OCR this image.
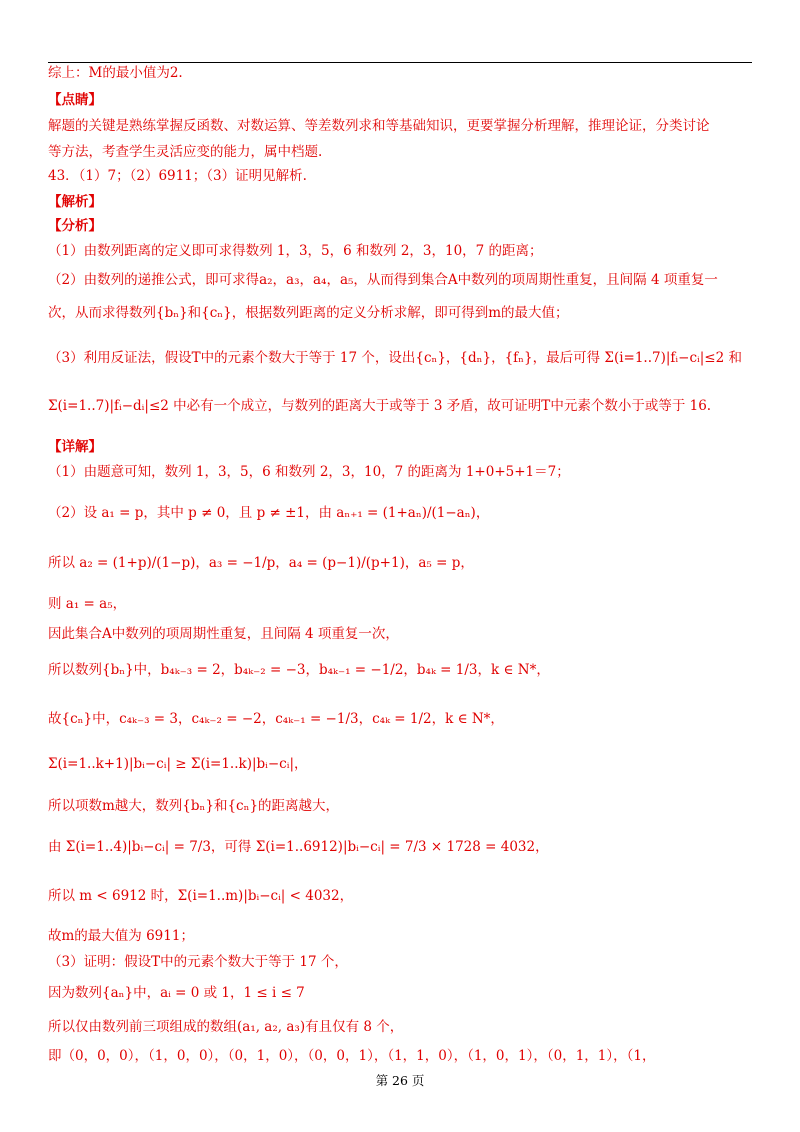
综上：M的最小值为2.
【点睛】
解题的关键是熟练掌握反函数、对数运算、等差数列求和等基础知识，更要掌握分析理解，推理论证，分类讨论
等方法，考查学生灵活应变的能力，属中档题.
43．（1）7；（2）6911；（3）证明见解析.
【解析】
【分析】
（1）由数列距离的定义即可求得数列 1，3，5，6 和数列 2，3，10，7 的距离；
（2）由数列的递推公式，即可求得a₂，a₃，a₄，a₅，从而得到集合A中数列的项周期性重复，且间隔 4 项重复一
次，从而求得数列{bₙ}和{cₙ}，根据数列距离的定义分析求解，即可得到m的最大值；
（3）利用反证法，假设T中的元素个数大于等于 17 个，设出{cₙ}，{dₙ}，{fₙ}，最后可得 Σ(i=1..7)|fᵢ−cᵢ|≤2 和
Σ(i=1..7)|fᵢ−dᵢ|≤2 中必有一个成立，与数列的距离大于或等于 3 矛盾，故可证明T中元素个数小于或等于 16.
【详解】
（1）由题意可知，数列 1，3，5，6 和数列 2，3，10，7 的距离为 1+0+5+1＝7；
（2）设 a₁ = p，其中 p ≠ 0，且 p ≠ ±1，由 aₙ₊₁ = (1+aₙ)/(1−aₙ)，
所以 a₂ = (1+p)/(1−p)，a₃ = −1/p，a₄ = (p−1)/(p+1)，a₅ = p，
则 a₁ = a₅，
因此集合A中数列的项周期性重复，且间隔 4 项重复一次，
所以数列{bₙ}中，b₄ₖ₋₃ = 2，b₄ₖ₋₂ = −3，b₄ₖ₋₁ = −1/2，b₄ₖ = 1/3，k ∈ N*，
故{cₙ}中，c₄ₖ₋₃ = 3，c₄ₖ₋₂ = −2，c₄ₖ₋₁ = −1/3，c₄ₖ = 1/2，k ∈ N*，
Σ(i=1..k+1)|bᵢ−cᵢ| ≥ Σ(i=1..k)|bᵢ−cᵢ|，
所以项数m越大，数列{bₙ}和{cₙ}的距离越大，
由 Σ(i=1..4)|bᵢ−cᵢ| = 7/3，可得 Σ(i=1..6912)|bᵢ−cᵢ| = 7/3 × 1728 = 4032，
所以 m < 6912 时，Σ(i=1..m)|bᵢ−cᵢ| < 4032，
故m的最大值为 6911；
（3）证明：假设T中的元素个数大于等于 17 个，
因为数列{aₙ}中，aᵢ = 0 或 1，1 ≤ i ≤ 7
所以仅由数列前三项组成的数组(a₁, a₂, a₃)有且仅有 8 个，
即（0，0，0），（1，0，0），（0，1，0），（0，0，1），（1，1，0），（1，0，1），（0，1，1），（1，
第 26 页
